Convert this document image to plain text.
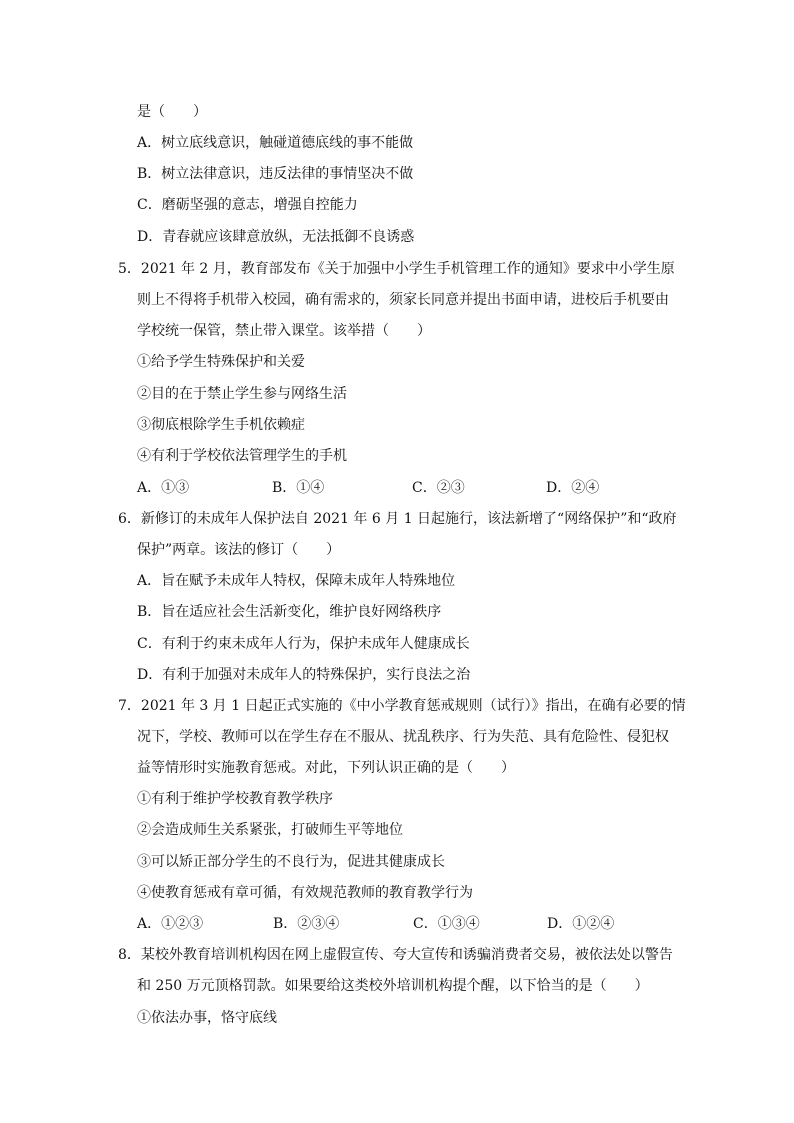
是（　　）
A．树立底线意识，触碰道德底线的事不能做
B．树立法律意识，违反法律的事情坚决不做
C．磨砺坚强的意志，增强自控能力
D．青春就应该肆意放纵，无法抵御不良诱惑
5．2021 年 2 月，教育部发布《关于加强中小学生手机管理工作的通知》要求中小学生原
则上不得将手机带入校园，确有需求的，须家长同意并提出书面申请，进校后手机要由
学校统一保管，禁止带入课堂。该举措（　　）
①给予学生特殊保护和关爱
②目的在于禁止学生参与网络生活
③彻底根除学生手机依赖症
④有利于学校依法管理学生的手机
A．①③	B．①④	C．②③	D．②④
6．新修订的未成年人保护法自 2021 年 6 月 1 日起施行，该法新增了“网络保护”和“政府
保护”两章。该法的修订（　　）
A．旨在赋予未成年人特权，保障未成年人特殊地位
B．旨在适应社会生活新变化，维护良好网络秩序
C．有利于约束未成年人行为，保护未成年人健康成长
D．有利于加强对未成年人的特殊保护，实行良法之治
7．2021 年 3 月 1 日起正式实施的《中小学教育惩戒规则（试行）》指出，在确有必要的情
况下，学校、教师可以在学生存在不服从、扰乱秩序、行为失范、具有危险性、侵犯权
益等情形时实施教育惩戒。对此，下列认识正确的是（　　）
①有利于维护学校教育教学秩序
②会造成师生关系紧张，打破师生平等地位
③可以矫正部分学生的不良行为，促进其健康成长
④使教育惩戒有章可循，有效规范教师的教育教学行为
A．①②③	B．②③④	C．①③④	D．①②④
8．某校外教育培训机构因在网上虚假宣传、夸大宣传和诱骗消费者交易，被依法处以警告
和 250 万元顶格罚款。如果要给这类校外培训机构提个醒，以下恰当的是（　　）
①依法办事，恪守底线
